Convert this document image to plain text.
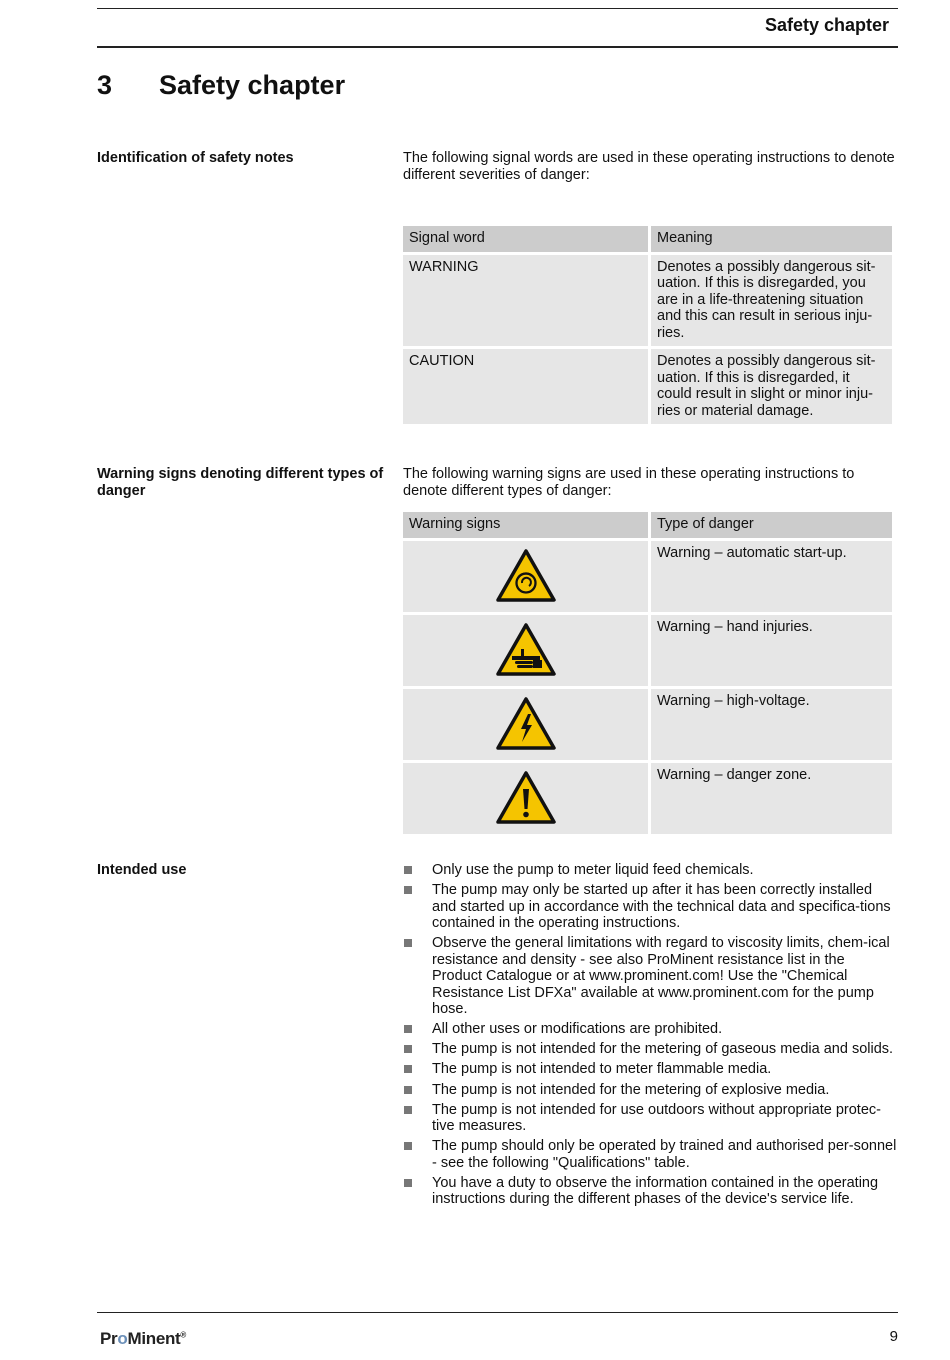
Safety chapter
3 Safety chapter
Identification of safety notes	The following signal words are used in these operating instructions to denote different severities of danger:
Signal word	Meaning
WARNING	Denotes a possibly dangerous sit-uation. If this is disregarded, you are in a life-threatening situation and this can result in serious inju-ries.
CAUTION	Denotes a possibly dangerous sit-uation. If this is disregarded, it could result in slight or minor inju-ries or material damage.
Warning signs denoting different types of danger
The following warning signs are used in these operating instructions to denote different types of danger:
Warning signs	Type of danger

	Warning – automatic start-up.

	Warning – hand injuries.

	Warning – high-voltage.

	Warning – danger zone.
Intended use	Only use the pump to meter liquid feed chemicals.
The pump may only be started up after it has been correctly installed and started up in accordance with the technical data and specifica-tions contained in the operating instructions.
Observe the general limitations with regard to viscosity limits, chem-ical resistance and density - see also ProMinent resistance list in the Product Catalogue or at www.prominent.com! Use the "Chemical Resistance List DFXa" available at www.prominent.com for the pump hose.
All other uses or modifications are prohibited.
The pump is not intended for the metering of gaseous media and solids.
The pump is not intended to meter flammable media.
The pump is not intended for the metering of explosive media.
The pump is not intended for use outdoors without appropriate protec-tive measures.
The pump should only be operated by trained and authorised per-sonnel - see the following "Qualifications" table.
You have a duty to observe the information contained in the operating instructions during the different phases of the device's service life.
ProMinent®	9
